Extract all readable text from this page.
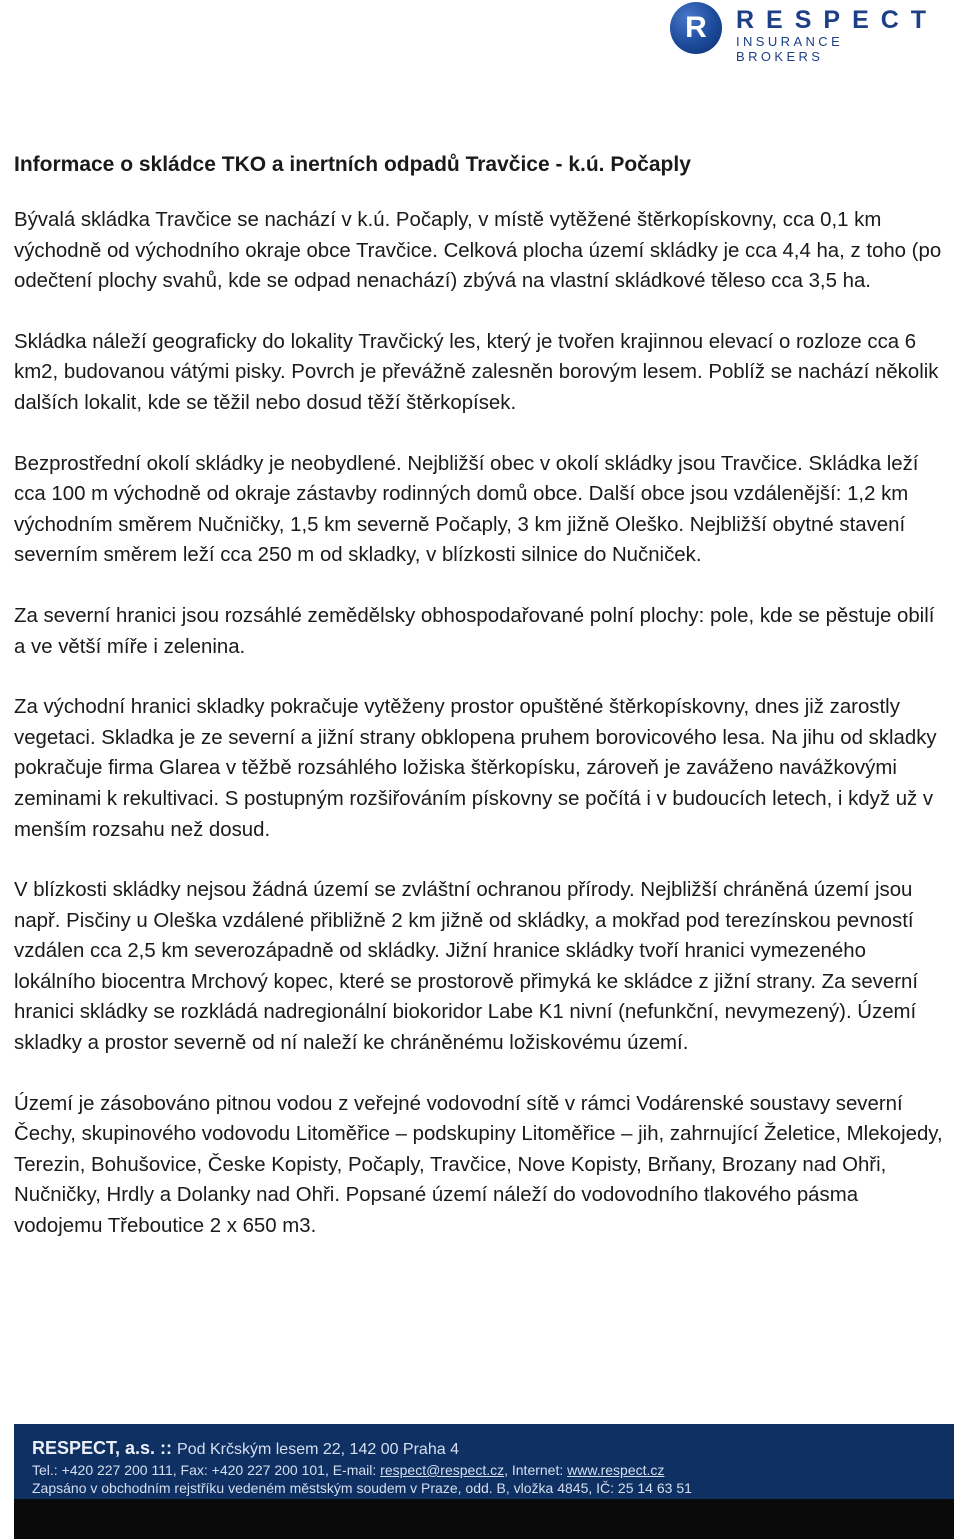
R	RESPECT
INSURANCE BROKERS
Informace o skládce TKO a inertních odpadů Travčice - k.ú. Počaply

Bývalá skládka Travčice se nachází v k.ú. Počaply, v místě vytěžené štěrkopískovny, cca 0,1 km východně od východního okraje obce Travčice. Celková plocha území skládky je cca 4,4 ha, z toho (po odečtení plochy svahů, kde se odpad nenachází) zbývá na vlastní skládkové těleso cca 3,5 ha.

Skládka náleží geograficky do lokality Travčický les, který je tvořen krajinnou elevací o rozloze cca 6 km2, budovanou vátými pisky. Povrch je převážně zalesněn borovým lesem. Poblíž se nachází několik dalších lokalit, kde se těžil nebo dosud těží štěrkopísek.

Bezprostřední okolí skládky je neobydlené. Nejbližší obec v okolí skládky jsou Travčice. Skládka leží cca 100 m východně od okraje zástavby rodinných domů obce. Další obce jsou vzdálenější: 1,2 km východním směrem Nučničky, 1,5 km severně Počaply, 3 km jižně Oleško. Nejbližší obytné stavení severním směrem leží cca 250 m od skladky, v blízkosti silnice do Nučniček.

Za severní hranici jsou rozsáhlé zemědělsky obhospodařované polní plochy: pole, kde se pěstuje obilí a ve větší míře i zelenina.

Za východní hranici skladky pokračuje vytěženy prostor opuštěné štěrkopískovny, dnes již zarostly vegetaci. Skladka je ze severní a jižní strany obklopena pruhem borovicového lesa. Na jihu od skladky pokračuje firma Glarea v těžbě rozsáhlého ložiska štěrkopísku, zároveň je zaváženo navážkovými zeminami k rekultivaci. S postupným rozšiřováním pískovny se počítá i v budoucích letech, i když už v menším rozsahu než dosud.

V blízkosti skládky nejsou žádná území se zvláštní ochranou přírody. Nejbližší chráněná území jsou např. Pisčiny u Oleška vzdálené přibližně 2 km jižně od skládky, a mokřad pod terezínskou pevností vzdálen cca 2,5 km severozápadně od skládky. Jižní hranice skládky tvoří hranici vymezeného lokálního biocentra Mrchový kopec, které se prostorově přimyká ke skládce z jižní strany. Za severní hranici skládky se rozkládá nadregionální biokoridor Labe K1 nivní (nefunkční, nevymezený). Území skladky a prostor severně od ní naleží ke chráněnému ložiskovému území.

Území je zásobováno pitnou vodou z veřejné vodovodní sítě v rámci Vodárenské soustavy severní Čechy, skupinového vodovodu Litoměřice – podskupiny Litoměřice – jih, zahrnující Želetice, Mlekojedy, Terezin, Bohušovice, Česke Kopisty, Počaply, Travčice, Nove Kopisty, Brňany, Brozany nad Ohři, Nučničky, Hrdly a Dolanky nad Ohři. Popsané území náleží do vodovodního tlakového pásma vodojemu Třeboutice 2 x 650 m3.

RESPECT, a.s. :: Pod Krčským lesem 22, 142 00 Praha 4
Tel.: +420 227 200 111, Fax: +420 227 200 101, E-mail: respect@respect.cz, Internet: www.respect.cz
Zapsáno v obchodním rejstříku vedeném městským soudem v Praze, odd. B, vložka 4845, IČ: 25 14 63 51
